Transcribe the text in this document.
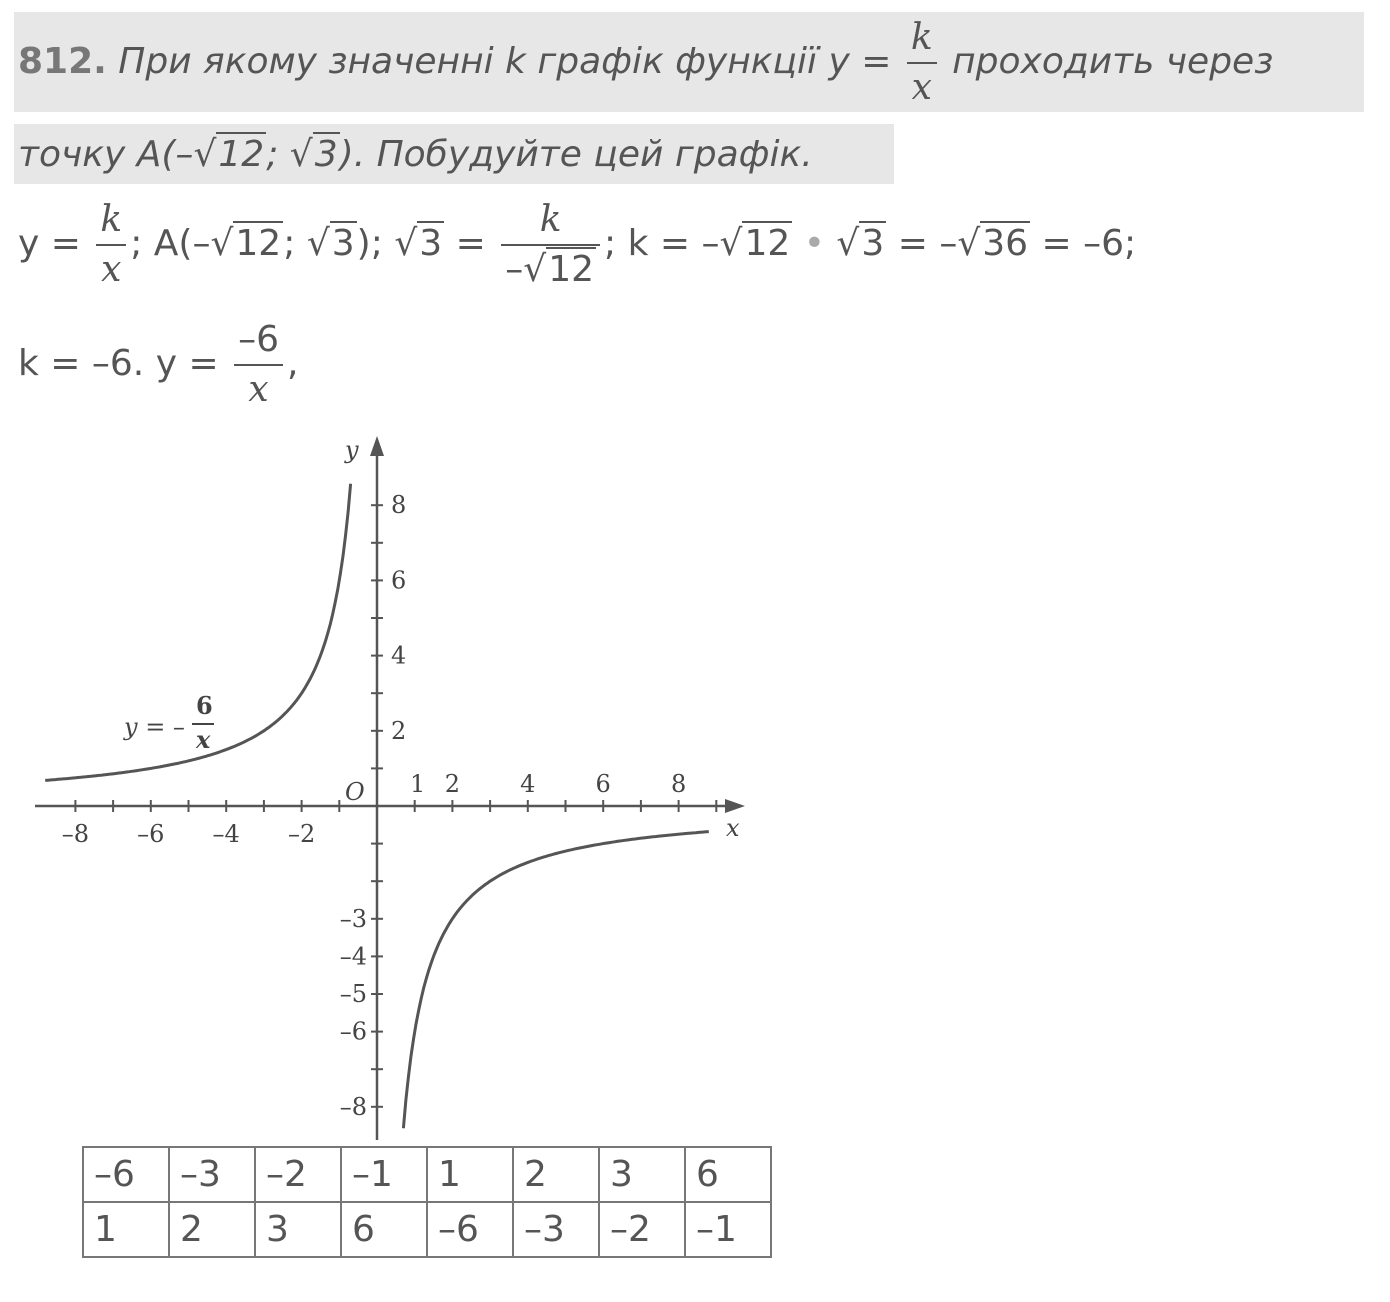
812. При якому значенні k графік функції $y = \frac{k}{x}$ проходить через
точку A(–√12; √3). Побудуйте цей графік.
$y = \frac{k}{x}$ ; A(–√12; √3); $√3 = \frac{k}{-√12}$ ; k = –√12 • √3 = –√36 = –6;
k = –6. $y = \frac{-6}{x}$ ,
1 2	4	6	8
–8 –6 –4 –2
2
4
6
8
–3
–4
–5
–6
–8
x
y
O
y = –
6
x
–6	–3	–2	–1	1	2	3	6
1	2	3	6	–6	–3	–2	–1
